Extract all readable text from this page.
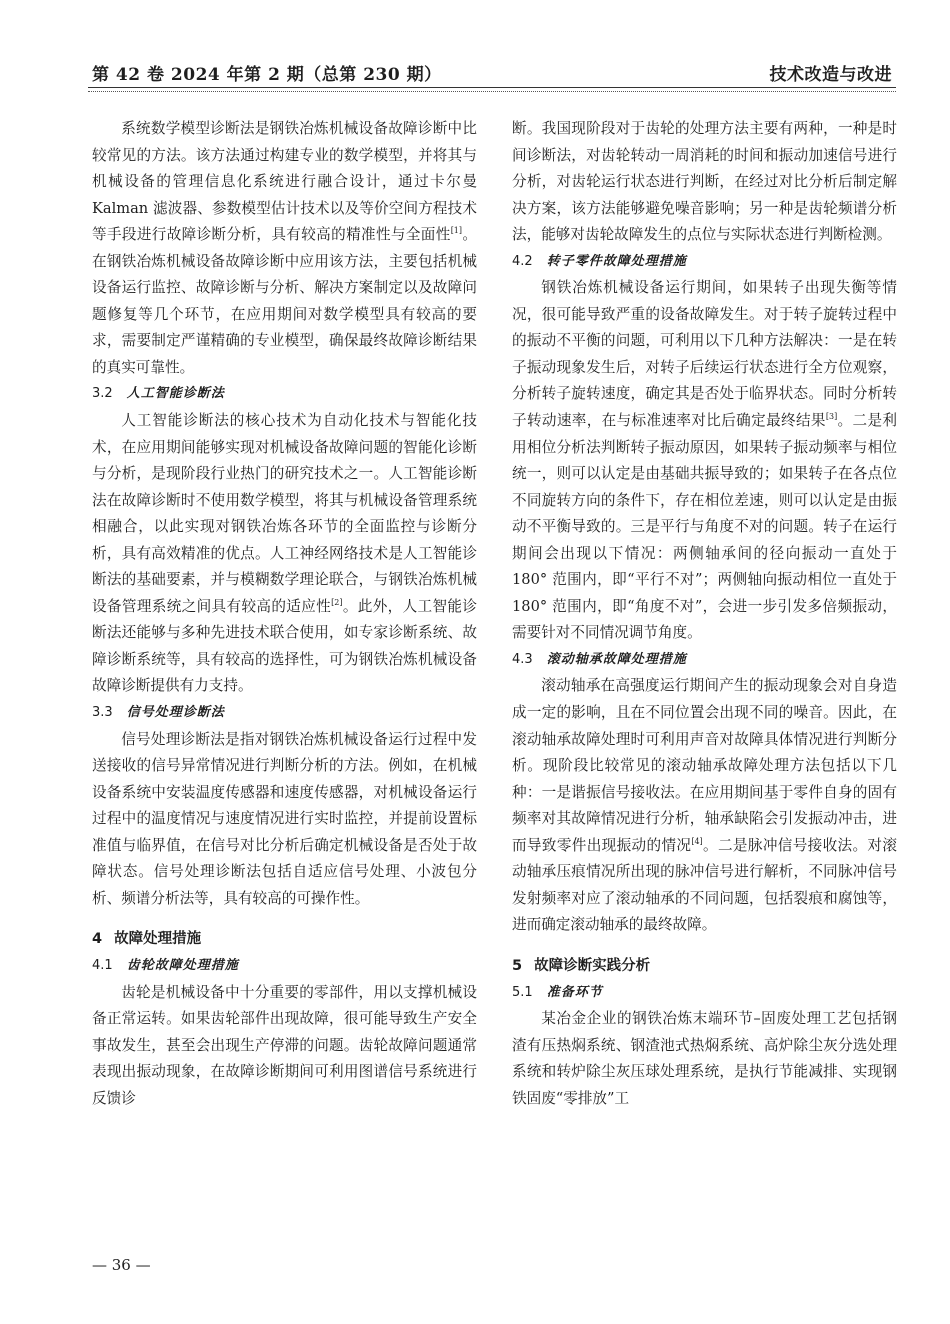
第 42 卷 2024 年第 2 期（总第 230 期）	技术改造与改进

系统数学模型诊断法是钢铁冶炼机械设备故障诊断中比较常见的方法。该方法通过构建专业的数学模型，并将其与机械设备的管理信息化系统进行融合设计，通过卡尔曼 Kalman 滤波器、参数模型估计技术以及等价空间方程技术等手段进行故障诊断分析，具有较高的精准性与全面性[1]。在钢铁冶炼机械设备故障诊断中应用该方法，主要包括机械设备运行监控、故障诊断与分析、解决方案制定以及故障问题修复等几个环节，在应用期间对数学模型具有较高的要求，需要制定严谨精确的专业模型，确保最终故障诊断结果的真实可靠性。

3.2 人工智能诊断法

人工智能诊断法的核心技术为自动化技术与智能化技术，在应用期间能够实现对机械设备故障问题的智能化诊断与分析，是现阶段行业热门的研究技术之一。人工智能诊断法在故障诊断时不使用数学模型，将其与机械设备管理系统相融合，以此实现对钢铁冶炼各环节的全面监控与诊断分析，具有高效精准的优点。人工神经网络技术是人工智能诊断法的基础要素，并与模糊数学理论联合，与钢铁冶炼机械设备管理系统之间具有较高的适应性[2]。此外，人工智能诊断法还能够与多种先进技术联合使用，如专家诊断系统、故障诊断系统等，具有较高的选择性，可为钢铁冶炼机械设备故障诊断提供有力支持。

3.3 信号处理诊断法

信号处理诊断法是指对钢铁冶炼机械设备运行过程中发送接收的信号异常情况进行判断分析的方法。例如，在机械设备系统中安装温度传感器和速度传感器，对机械设备运行过程中的温度情况与速度情况进行实时监控，并提前设置标准值与临界值，在信号对比分析后确定机械设备是否处于故障状态。信号处理诊断法包括自适应信号处理、小波包分析、频谱分析法等，具有较高的可操作性。

4 故障处理措施
4.1 齿轮故障处理措施

齿轮是机械设备中十分重要的零部件，用以支撑机械设备正常运转。如果齿轮部件出现故障，很可能导致生产安全事故发生，甚至会出现生产停滞的问题。齿轮故障问题通常表现出振动现象，在故障诊断期间可利用图谱信号系统进行反馈诊

断。我国现阶段对于齿轮的处理方法主要有两种，一种是时间诊断法，对齿轮转动一周消耗的时间和振动加速信号进行分析，对齿轮运行状态进行判断，在经过对比分析后制定解决方案，该方法能够避免噪音影响；另一种是齿轮频谱分析法，能够对齿轮故障发生的点位与实际状态进行判断检测。

4.2 转子零件故障处理措施

钢铁冶炼机械设备运行期间，如果转子出现失衡等情况，很可能导致严重的设备故障发生。对于转子旋转过程中的振动不平衡的问题，可利用以下几种方法解决：一是在转子振动现象发生后，对转子后续运行状态进行全方位观察，分析转子旋转速度，确定其是否处于临界状态。同时分析转子转动速率，在与标准速率对比后确定最终结果[3]。二是利用相位分析法判断转子振动原因，如果转子振动频率与相位统一，则可以认定是由基础共振导致的；如果转子在各点位不同旋转方向的条件下，存在相位差速，则可以认定是由振动不平衡导致的。三是平行与角度不对的问题。转子在运行期间会出现以下情况：两侧轴承间的径向振动一直处于 180° 范围内，即“平行不对”；两侧轴向振动相位一直处于 180° 范围内，即“角度不对”，会进一步引发多倍频振动，需要针对不同情况调节角度。

4.3 滚动轴承故障处理措施

滚动轴承在高强度运行期间产生的振动现象会对自身造成一定的影响，且在不同位置会出现不同的噪音。因此，在滚动轴承故障处理时可利用声音对故障具体情况进行判断分析。现阶段比较常见的滚动轴承故障处理方法包括以下几种：一是谐振信号接收法。在应用期间基于零件自身的固有频率对其故障情况进行分析，轴承缺陷会引发振动冲击，进而导致零件出现振动的情况[4]。二是脉冲信号接收法。对滚动轴承压痕情况所出现的脉冲信号进行解析，不同脉冲信号发射频率对应了滚动轴承的不同问题，包括裂痕和腐蚀等，进而确定滚动轴承的最终故障。

5 故障诊断实践分析
5.1 准备环节

某冶金企业的钢铁冶炼末端环节–固废处理工艺包括钢渣有压热焖系统、钢渣池式热焖系统、高炉除尘灰分选处理系统和转炉除尘灰压球处理系统，是执行节能减排、实现钢铁固废“零排放”工

— 36 —
